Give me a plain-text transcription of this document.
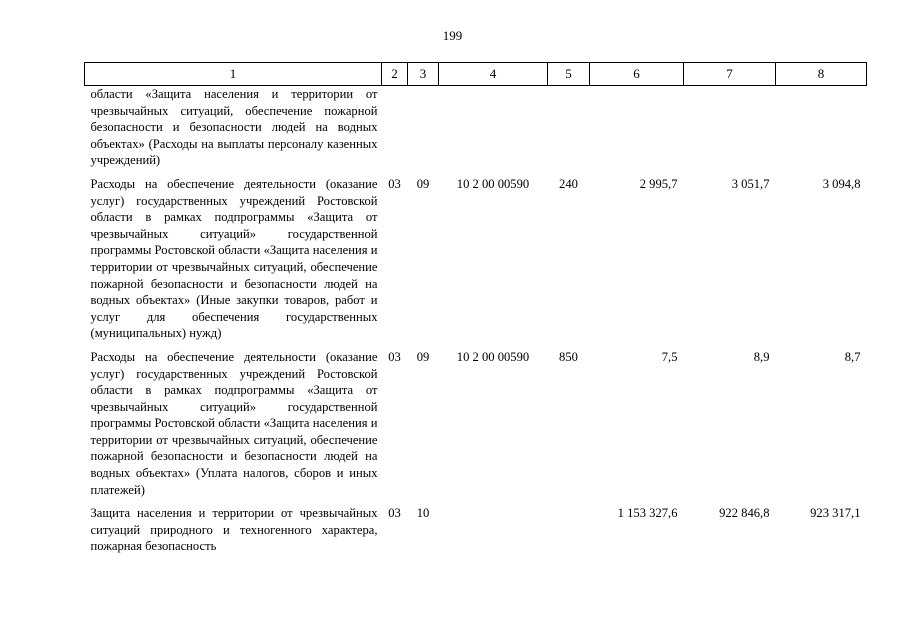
199
1	2	3	4	5	6	7	8
области «Защита населения и территории от чрезвычайных ситуаций, обеспечение пожарной безопасности и безопасности людей на водных объектах» (Расходы на выплаты персоналу казенных учреждений)							
Расходы на обеспечение деятельности (оказание услуг) государственных учреждений Ростовской области в рамках подпрограммы «Защита от чрезвычайных ситуаций» государственной программы Ростовской области «Защита населения и территории от чрезвычайных ситуаций, обеспечение пожарной безопасности и безопасности людей на водных объектах» (Иные закупки товаров, работ и услуг для обеспечения государственных (муниципальных) нужд)	03	09	10 2 00 00590	240	2 995,7	3 051,7	3 094,8
Расходы на обеспечение деятельности (оказание услуг) государственных учреждений Ростовской области в рамках подпрограммы «Защита от чрезвычайных ситуаций» государственной программы Ростовской области «Защита населения и территории от чрезвычайных ситуаций, обеспечение пожарной безопасности и безопасности людей на водных объектах» (Уплата налогов, сборов и иных платежей)	03	09	10 2 00 00590	850	7,5	8,9	8,7
Защита населения и территории от чрезвычайных ситуаций природного и техногенного характера, пожарная безопасность	03	10			1 153 327,6	922 846,8	923 317,1
